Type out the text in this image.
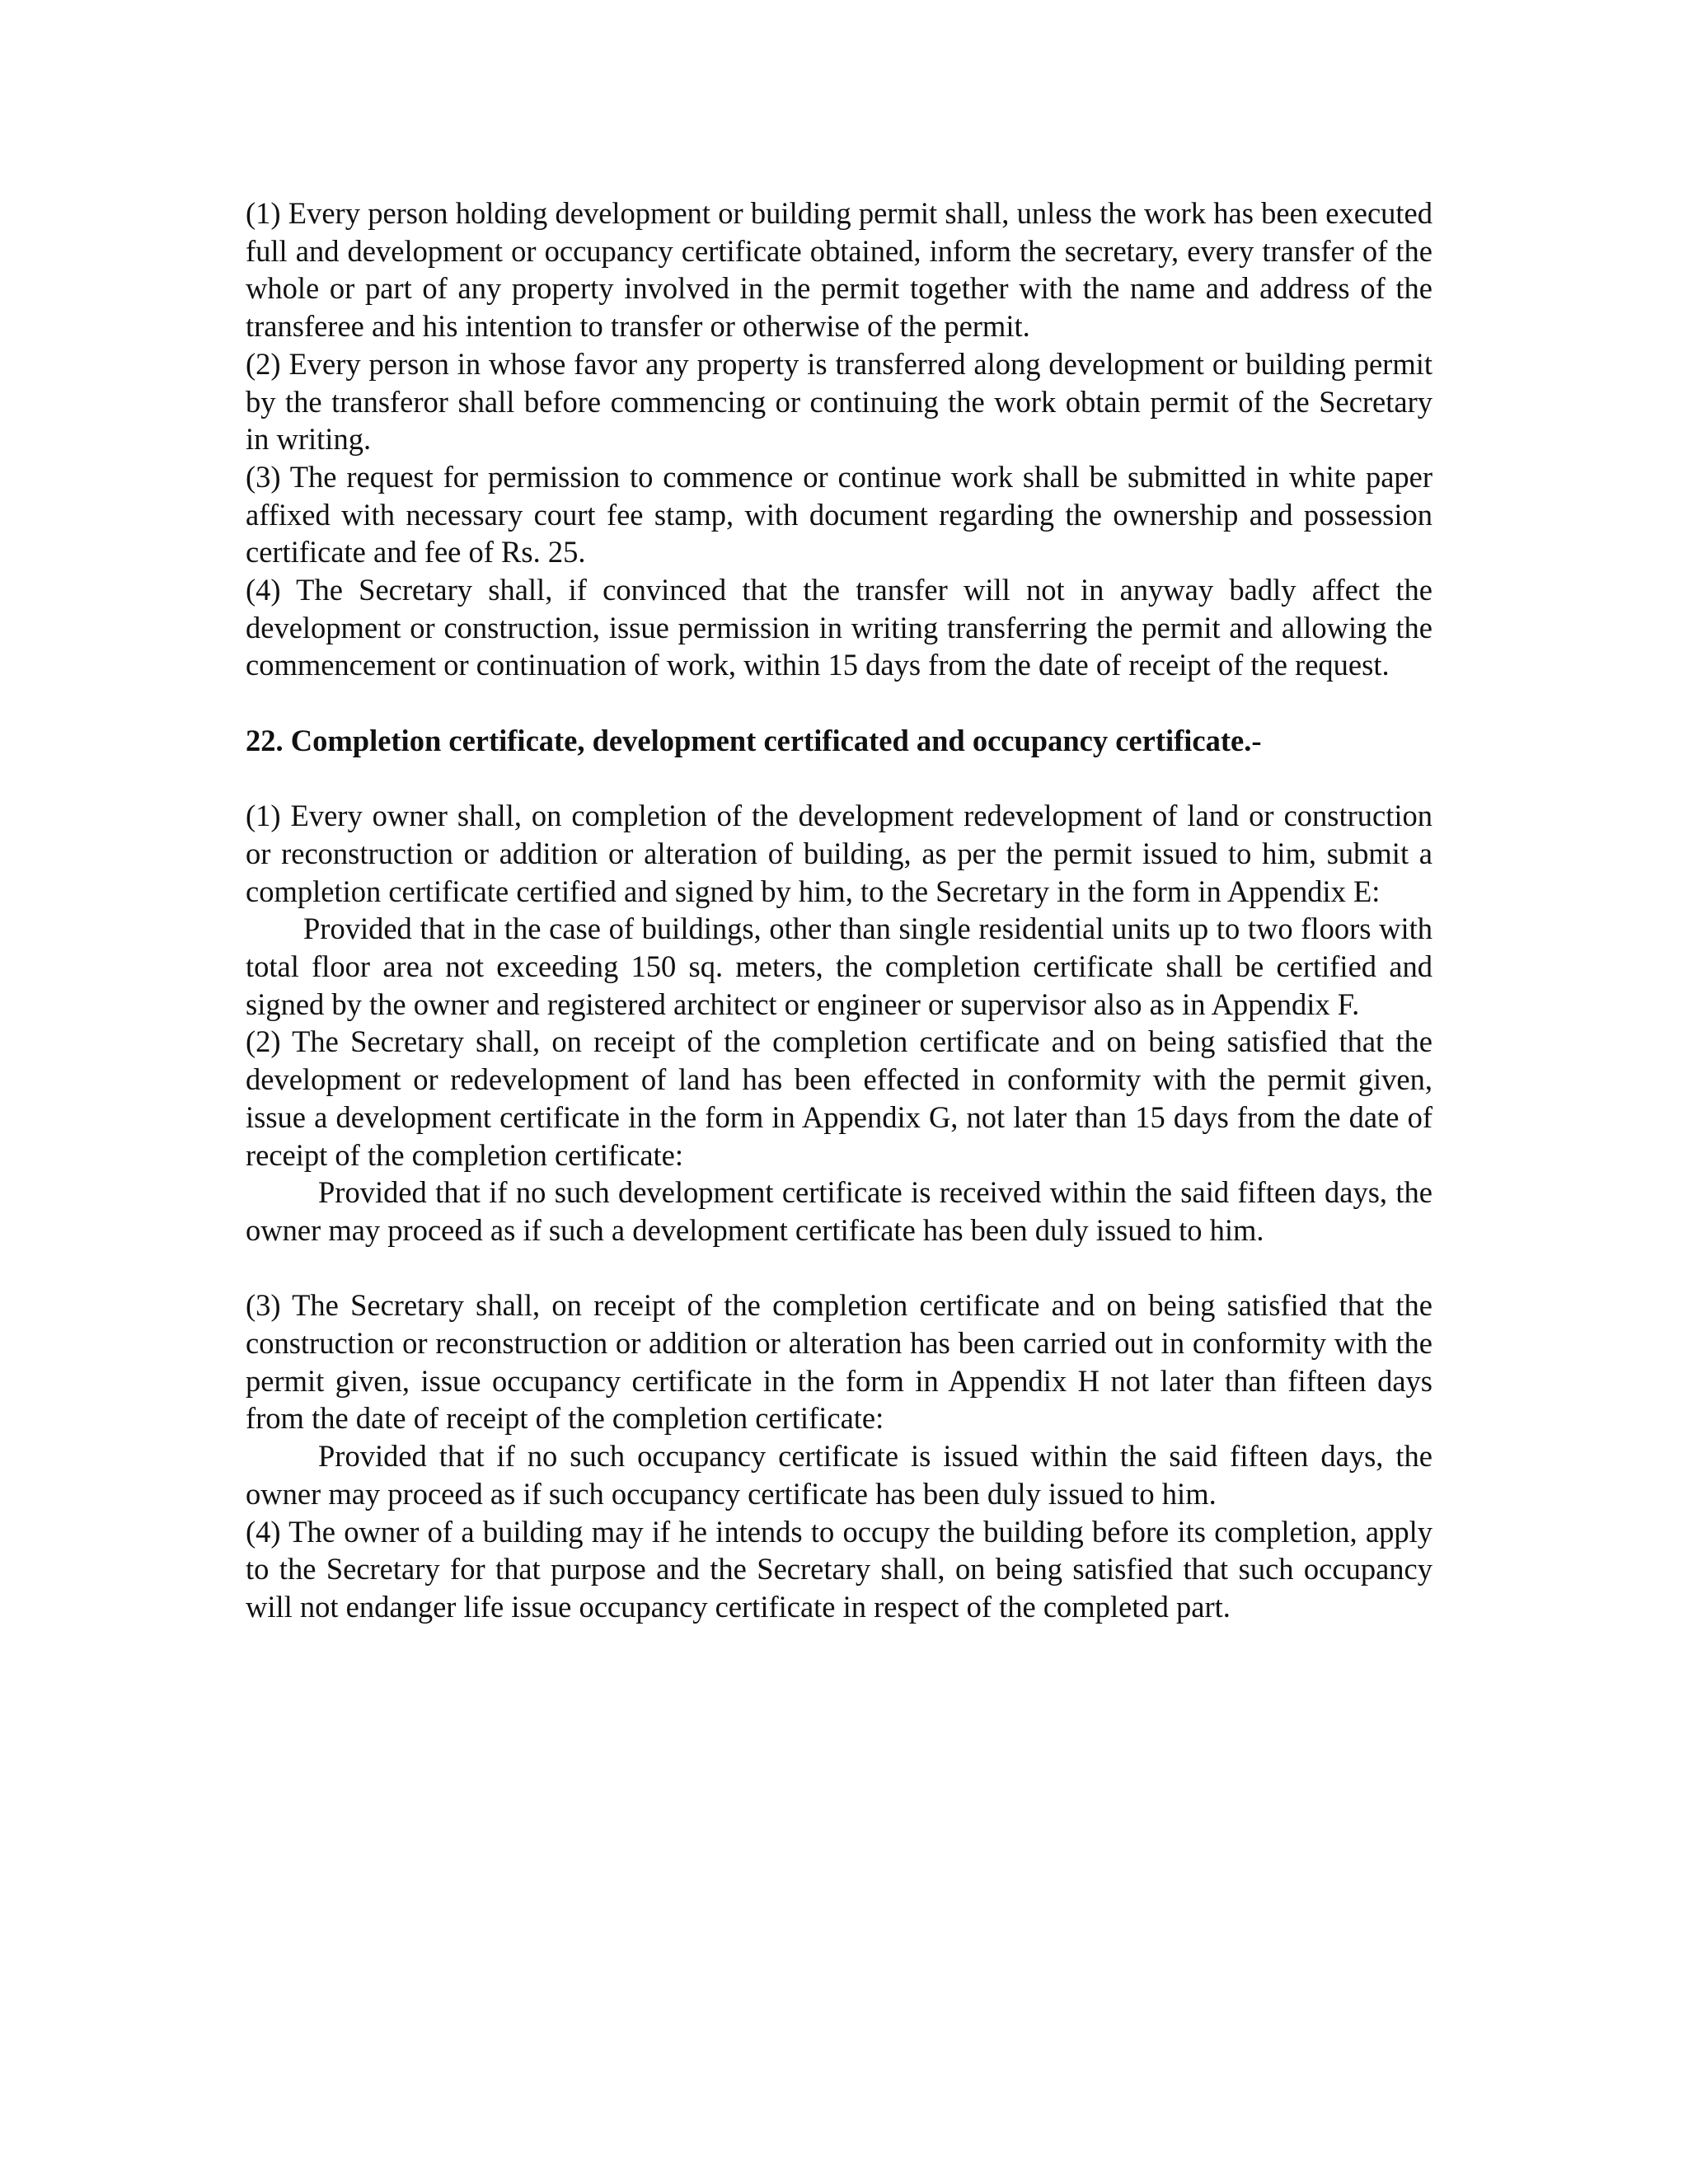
(1) Every person holding development or building permit shall, unless the work has been executed full and development or occupancy certificate obtained, inform the secretary, every transfer of the whole or part of any property involved in the permit together with the name and address of the transferee and his intention to transfer or otherwise of the permit.

(2) Every person in whose favor any property is transferred along development or building permit by the transferor shall before commencing or continuing the work obtain permit of the Secretary in writing.

(3) The request for permission to commence or continue work shall be submitted in white paper affixed with necessary court fee stamp, with document regarding the ownership and possession certificate and fee of Rs. 25.

(4) The Secretary shall, if convinced that the transfer will not in anyway badly affect the development or construction, issue permission in writing transferring the permit and allowing the commencement or continuation of work, within 15 days from the date of receipt of the request.

22. Completion certificate, development certificated and occupancy certificate.-

(1) Every owner shall, on completion of the development redevelopment of land or construction or reconstruction or addition or alteration of building, as per the permit issued to him, submit a completion certificate certified and signed by him, to the Secretary in the form in Appendix E:

Provided that in the case of buildings, other than single residential units up to two floors with total floor area not exceeding 150 sq. meters, the completion certificate shall be certified and signed by the owner and registered architect or engineer or supervisor also as in Appendix F.

(2) The Secretary shall, on receipt of the completion certificate and on being satisfied that the development or redevelopment of land has been effected in conformity with the permit given, issue a development certificate in the form in Appendix G, not later than 15 days from the date of receipt of the completion certificate:

Provided that if no such development certificate is received within the said fifteen days, the owner may proceed as if such a development certificate has been duly issued to him.

(3) The Secretary shall, on receipt of the completion certificate and on being satisfied that the construction or reconstruction or addition or alteration has been carried out in conformity with the permit given, issue occupancy certificate in the form in Appendix H not later than fifteen days from the date of receipt of the completion certificate:

Provided that if no such occupancy certificate is issued within the said fifteen days, the owner may proceed as if such occupancy certificate has been duly issued to him.

(4) The owner of a building may if he intends to occupy the building before its completion, apply to the Secretary for that purpose and the Secretary shall, on being satisfied that such occupancy will not endanger life issue occupancy certificate in respect of the completed part.
